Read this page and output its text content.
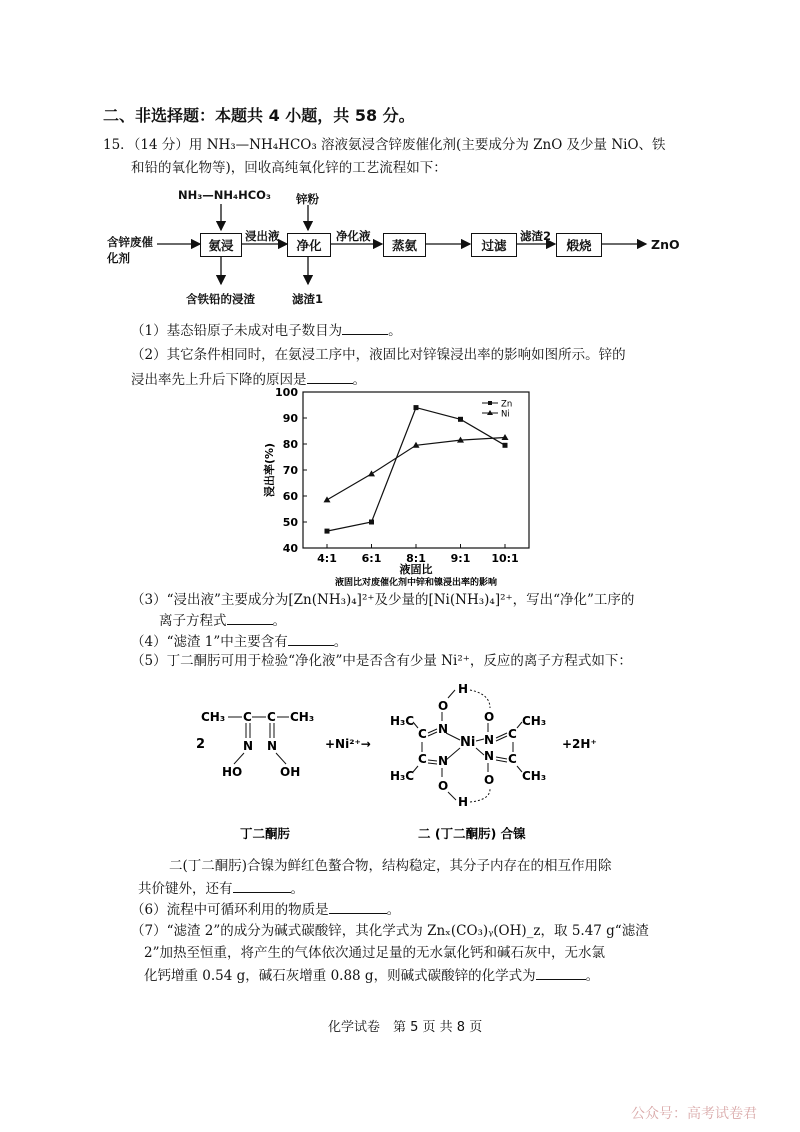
二、非选择题：本题共 4 小题，共 58 分。
15．（14 分）用 NH₃—NH₄HCO₃ 溶液氨浸含锌废催化剂(主要成分为 ZnO 及少量 NiO、铁
和铅的氧化物等)，回收高纯氧化锌的工艺流程如下：
NH₃—NH₄HCO₃ 锌粉
含锌废催化剂
氨浸	净化	蒸氨	过滤	煅烧
浸出液	净化液	滤渣2
ZnO
含铁铅的浸渣	滤渣1
（1）基态铅原子未成对电子数目为	。
（2）其它条件相同时，在氨浸工序中，液固比对锌镍浸出率的影响如图所示。锌的
浸出率先上升后下降的原因是	。
40
50
60
70
80
90
100
4:1 6:1 8:1 9:1 10:1
Zn
Ni
浸出率(%)
液固比
液固比对废催化剂中锌和镍浸出率的影响
（3）“浸出液”主要成分为[Zn(NH₃)₄]²⁺及少量的[Ni(NH₃)₄]²⁺，写出“净化”工序的
离子方程式	。
（4）“滤渣 1”中主要含有	。
（5）丁二酮肟可用于检验“净化液”中是否含有少量 Ni²⁺，反应的离子方程式如下：
2
CH₃ C C CH₃
N N
HO	OH
+Ni²⁺→
H
O
O
H₃C	CH₃
C N
N C
Ni
C N	N C
H₃C	CH₃
O	O
H
+2H⁺
丁二酮肟	二 (丁二酮肟) 合镍
二(丁二酮肟)合镍为鲜红色螯合物，结构稳定，其分子内存在的相互作用除
共价键外，还有	。
（6）流程中可循环利用的物质是	。
（7）“滤渣 2”的成分为碱式碳酸锌，其化学式为 Znₓ(CO₃)ᵧ(OH)_z，取 5.47 g“滤渣
2”加热至恒重，将产生的气体依次通过足量的无水氯化钙和碱石灰中，无水氯
化钙增重 0.54 g，碱石灰增重 0.88 g，则碱式碳酸锌的化学式为	。
化学试卷　第 5 页 共 8 页
公众号：高考试卷君
